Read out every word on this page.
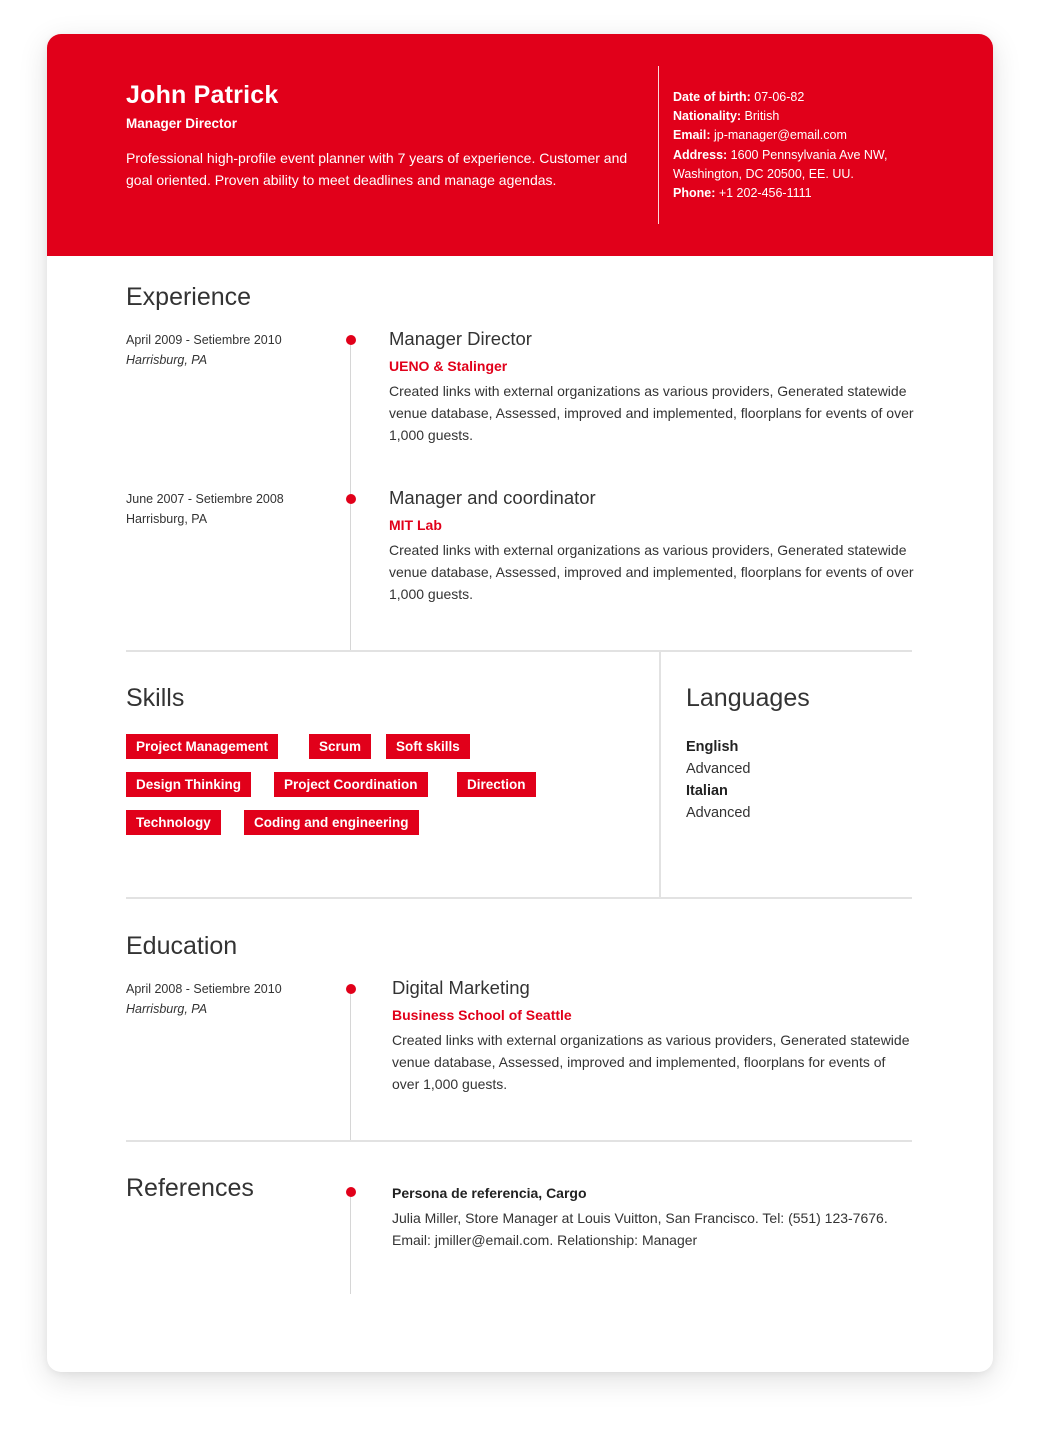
John Patrick
Manager Director
Professional high-profile event planner with 7 years of experience. Customer and goal oriented. Proven ability to meet deadlines and manage agendas.
Date of birth: 07-06-82
Nationality: British
Email: jp-manager@email.com
Address: 1600 Pennsylvania Ave NW,
Washington, DC 20500, EE. UU.
Phone: +1 202-456-1111
Experience
April 2009 - Setiembre 2010
Harrisburg, PA
Manager Director
UENO & Stalinger
Created links with external organizations as various providers, Generated statewide venue database, Assessed, improved and implemented, floorplans for events of over 1,000 guests.
June 2007 - Setiembre 2008
Harrisburg, PA
Manager and coordinator
MIT Lab
Created links with external organizations as various providers, Generated statewide venue database, Assessed, improved and implemented, floorplans for events of over 1,000 guests.
Skills
Project Management	Scrum	Soft skills
Design Thinking	Project Coordination	Direction
Technology	Coding and engineering
Languages
English
Advanced
Italian
Advanced
Education
April 2008 - Setiembre 2010
Harrisburg, PA
Digital Marketing
Business School of Seattle
Created links with external organizations as various providers, Generated statewide venue database, Assessed, improved and implemented, floorplans for events of over 1,000 guests.
References	Persona de referencia, Cargo
Julia Miller, Store Manager at Louis Vuitton, San Francisco. Tel: (551) 123-7676. Email: jmiller@email.com. Relationship: Manager
